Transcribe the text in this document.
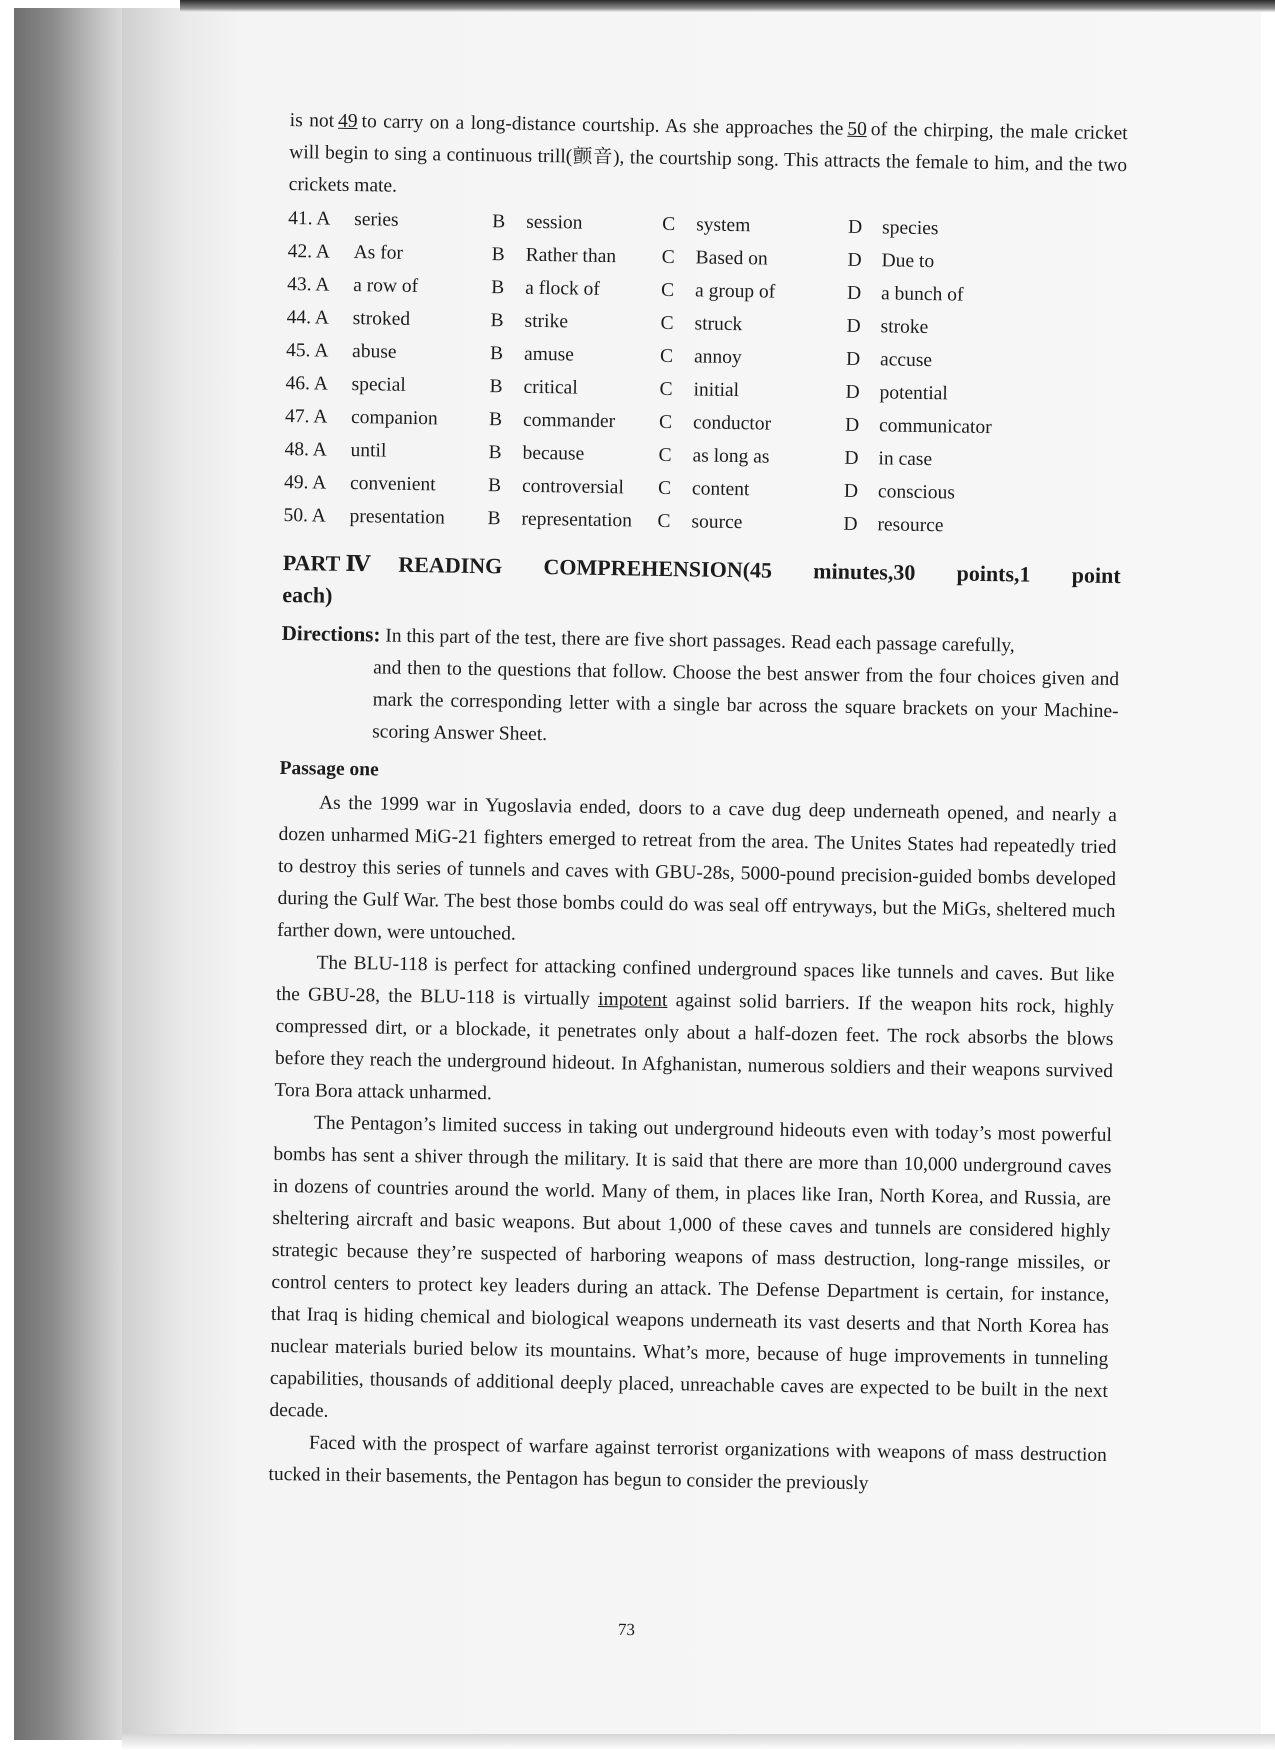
is not 49 to carry on a long-distance courtship. As she approaches the 50 of the chirping, the male cricket will begin to sing a continuous trill(颤音), the courtship song. This attracts the female to him, and the two crickets mate.

41. A	series	B	session	C	system	D	species
42. A	As for	B	Rather than C	Based on	D	Due to
43. A	a row of	B	a flock of	C	a group of	D	a bunch of
44. A	stroked	B	strike	C	struck	D	stroke
45. A	abuse	B	amuse	C	annoy	D	accuse
46. A	special	B	critical	C	initial	D	potential
47. A	companion	B	commander C	conductor	D	communicator
48. A	until	B	because	C	as long as	D	in case
49. A	convenient	B	controversial C	content	D	conscious
50. A	presentation B	representation C	source	D	resource
PART Ⅳ READING COMPREHENSION(45 minutes,30 points,1 point
each)
Directions: In this part of the test, there are five short passages. Read each passage carefully,
and then to the questions that follow. Choose the best answer from the four choices given and mark the corresponding letter with a single bar across the square brackets on your Machine-scoring Answer Sheet.
Passage one

As the 1999 war in Yugoslavia ended, doors to a cave dug deep underneath opened, and nearly a dozen unharmed MiG-21 fighters emerged to retreat from the area. The Unites States had repeatedly tried to destroy this series of tunnels and caves with GBU-28s, 5000-pound precision-guided bombs developed during the Gulf War. The best those bombs could do was seal off entryways, but the MiGs, sheltered much farther down, were untouched.

The BLU-118 is perfect for attacking confined underground spaces like tunnels and caves. But like the GBU-28, the BLU-118 is virtually impotent against solid barriers. If the weapon hits rock, highly compressed dirt, or a blockade, it penetrates only about a half-dozen feet. The rock absorbs the blows before they reach the underground hideout. In Afghanistan, numerous soldiers and their weapons survived Tora Bora attack unharmed.

The Pentagon’s limited success in taking out underground hideouts even with today’s most powerful bombs has sent a shiver through the military. It is said that there are more than 10,000 underground caves in dozens of countries around the world. Many of them, in places like Iran, North Korea, and Russia, are sheltering aircraft and basic weapons. But about 1,000 of these caves and tunnels are considered highly strategic because they’re suspected of harboring weapons of mass destruction, long-range missiles, or control centers to protect key leaders during an attack. The Defense Department is certain, for instance, that Iraq is hiding chemical and biological weapons underneath its vast deserts and that North Korea has nuclear materials buried below its mountains. What’s more, because of huge improvements in tunneling capabilities, thousands of additional deeply placed, unreachable caves are expected to be built in the next decade.

Faced with the prospect of warfare against terrorist organizations with weapons of mass destruction tucked in their basements, the Pentagon has begun to consider the previously

73
